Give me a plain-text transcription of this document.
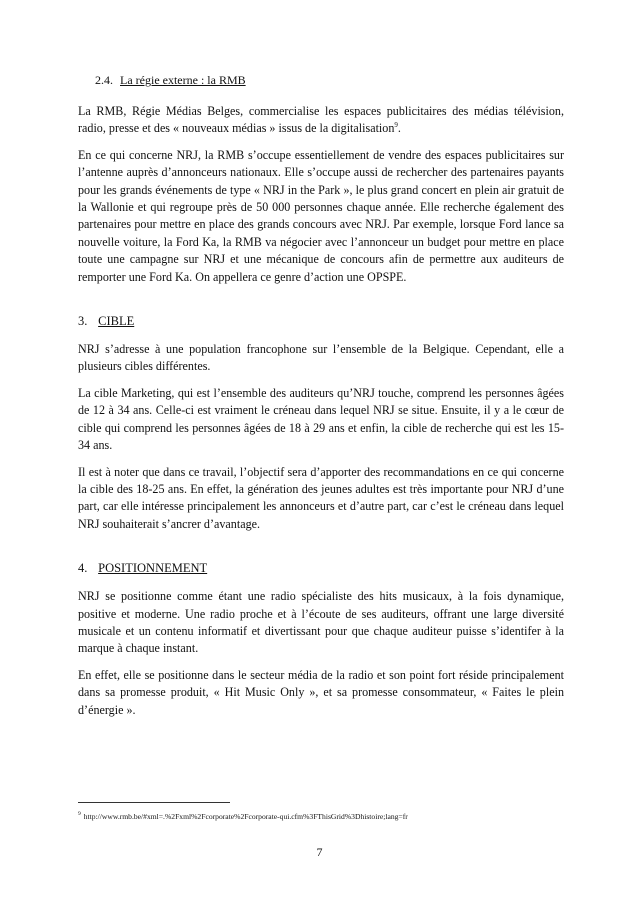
2.4. La régie externe : la RMB

La RMB, Régie Médias Belges, commercialise les espaces publicitaires des médias télévision, radio, presse et des « nouveaux médias » issus de la digitalisation$^9$.

En ce qui concerne NRJ, la RMB s’occupe essentiellement de vendre des espaces publicitaires sur l’antenne auprès d’annonceurs nationaux. Elle s’occupe aussi de rechercher des partenaires payants pour les grands événements de type « NRJ in the Park », le plus grand concert en plein air gratuit de la Wallonie et qui regroupe près de 50 000 personnes chaque année. Elle recherche également des partenaires pour mettre en place des grands concours avec NRJ. Par exemple, lorsque Ford lance sa nouvelle voiture, la Ford Ka, la RMB va négocier avec l’annonceur un budget pour mettre en place toute une campagne sur NRJ et une mécanique de concours afin de permettre aux auditeurs de remporter une Ford Ka. On appellera ce genre d’action une OPSPE.

3. CIBLE

NRJ s’adresse à une population francophone sur l’ensemble de la Belgique. Cependant, elle a plusieurs cibles différentes.

La cible Marketing, qui est l’ensemble des auditeurs qu’NRJ touche, comprend les personnes âgées de 12 à 34 ans. Celle-ci est vraiment le créneau dans lequel NRJ se situe. Ensuite, il y a le cœur de cible qui comprend les personnes âgées de 18 à 29 ans et enfin, la cible de recherche qui est les 15-34 ans.

Il est à noter que dans ce travail, l’objectif sera d’apporter des recommandations en ce qui concerne la cible des 18-25 ans. En effet, la génération des jeunes adultes est très importante pour NRJ d’une part, car elle intéresse principalement les annonceurs et d’autre part, car c’est le créneau dans lequel NRJ souhaiterait s’ancrer d’avantage.

4. POSITIONNEMENT

NRJ se positionne comme étant une radio spécialiste des hits musicaux, à la fois dynamique, positive et moderne. Une radio proche et à l’écoute de ses auditeurs, offrant une large diversité musicale et un contenu informatif et divertissant pour que chaque auditeur puisse s’identifer à la marque à chaque instant.

En effet, elle se positionne dans le secteur média de la radio et son point fort réside principalement dans sa promesse produit, « Hit Music Only », et sa promesse consommateur, « Faites le plein d’énergie ».

$^9$ http://www.rmb.be/#xml=.%2Fxml%2Fcorporate%2Fcorporate-qui.cfm%3FThisGrid%3Dhistoire;lang=fr
7
